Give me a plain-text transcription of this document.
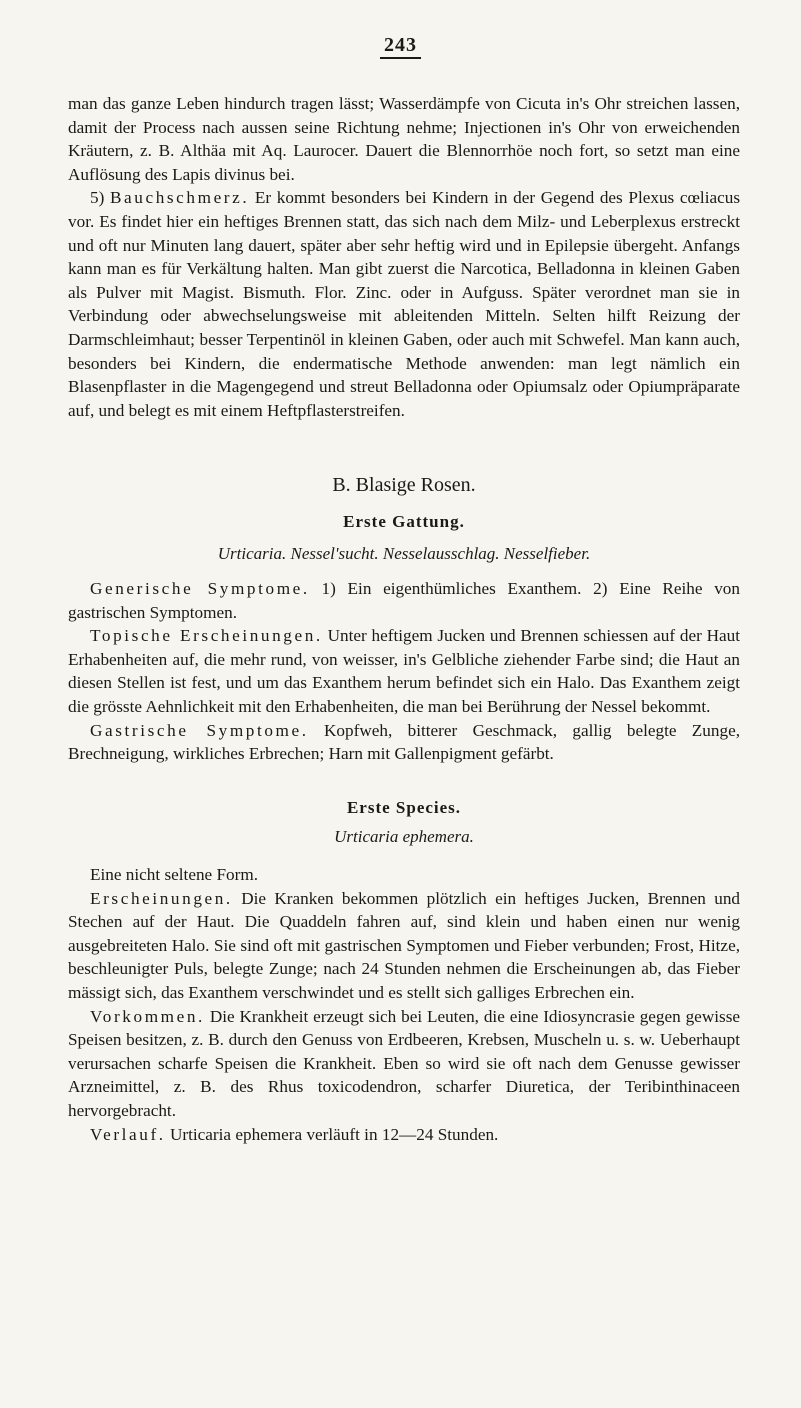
243

man das ganze Leben hindurch tragen lässt; Wasserdämpfe von Cicuta in's Ohr streichen lassen, damit der Process nach aussen seine Richtung nehme; Injectionen in's Ohr von erweichenden Kräutern, z. B. Althäa mit Aq. Laurocer. Dauert die Blennorrhöe noch fort, so setzt man eine Auflösung des Lapis divinus bei.

5) Bauchschmerz. Er kommt besonders bei Kindern in der Gegend des Plexus cœliacus vor. Es findet hier ein heftiges Brennen statt, das sich nach dem Milz- und Leberplexus erstreckt und oft nur Minuten lang dauert, später aber sehr heftig wird und in Epilepsie übergeht. Anfangs kann man es für Verkältung halten. Man gibt zuerst die Narcotica, Belladonna in kleinen Gaben als Pulver mit Magist. Bismuth. Flor. Zinc. oder in Aufguss. Später verordnet man sie in Verbindung oder abwechselungsweise mit ableitenden Mitteln. Selten hilft Reizung der Darmschleimhaut; besser Terpentinöl in kleinen Gaben, oder auch mit Schwefel. Man kann auch, besonders bei Kindern, die endermatische Methode anwenden: man legt nämlich ein Blasenpflaster in die Magengegend und streut Belladonna oder Opiumsalz oder Opiumpräparate auf, und belegt es mit einem Heftpflasterstreifen.

B. Blasige Rosen.
Erste Gattung.
Urticaria. Nessel'sucht. Nesselausschlag. Nesselfieber.

Generische Symptome. 1) Ein eigenthümliches Exanthem. 2) Eine Reihe von gastrischen Symptomen.

Topische Erscheinungen. Unter heftigem Jucken und Brennen schiessen auf der Haut Erhabenheiten auf, die mehr rund, von weisser, in's Gelbliche ziehender Farbe sind; die Haut an diesen Stellen ist fest, und um das Exanthem herum befindet sich ein Halo. Das Exanthem zeigt die grösste Aehnlichkeit mit den Erhabenheiten, die man bei Berührung der Nessel bekommt.

Gastrische Symptome. Kopfweh, bitterer Geschmack, gallig belegte Zunge, Brechneigung, wirkliches Erbrechen; Harn mit Gallenpigment gefärbt.

Erste Species.
Urticaria ephemera.

Eine nicht seltene Form.

Erscheinungen. Die Kranken bekommen plötzlich ein heftiges Jucken, Brennen und Stechen auf der Haut. Die Quaddeln fahren auf, sind klein und haben einen nur wenig ausgebreiteten Halo. Sie sind oft mit gastrischen Symptomen und Fieber verbunden; Frost, Hitze, beschleunigter Puls, belegte Zunge; nach 24 Stunden nehmen die Erscheinungen ab, das Fieber mässigt sich, das Exanthem verschwindet und es stellt sich galliges Erbrechen ein.

Vorkommen. Die Krankheit erzeugt sich bei Leuten, die eine Idiosyncrasie gegen gewisse Speisen besitzen, z. B. durch den Genuss von Erdbeeren, Krebsen, Muscheln u. s. w. Ueberhaupt verursachen scharfe Speisen die Krankheit. Eben so wird sie oft nach dem Genusse gewisser Arzneimittel, z. B. des Rhus toxicodendron, scharfer Diuretica, der Teribinthinaceen hervorgebracht.

Verlauf. Urticaria ephemera verläuft in 12—24 Stunden.
